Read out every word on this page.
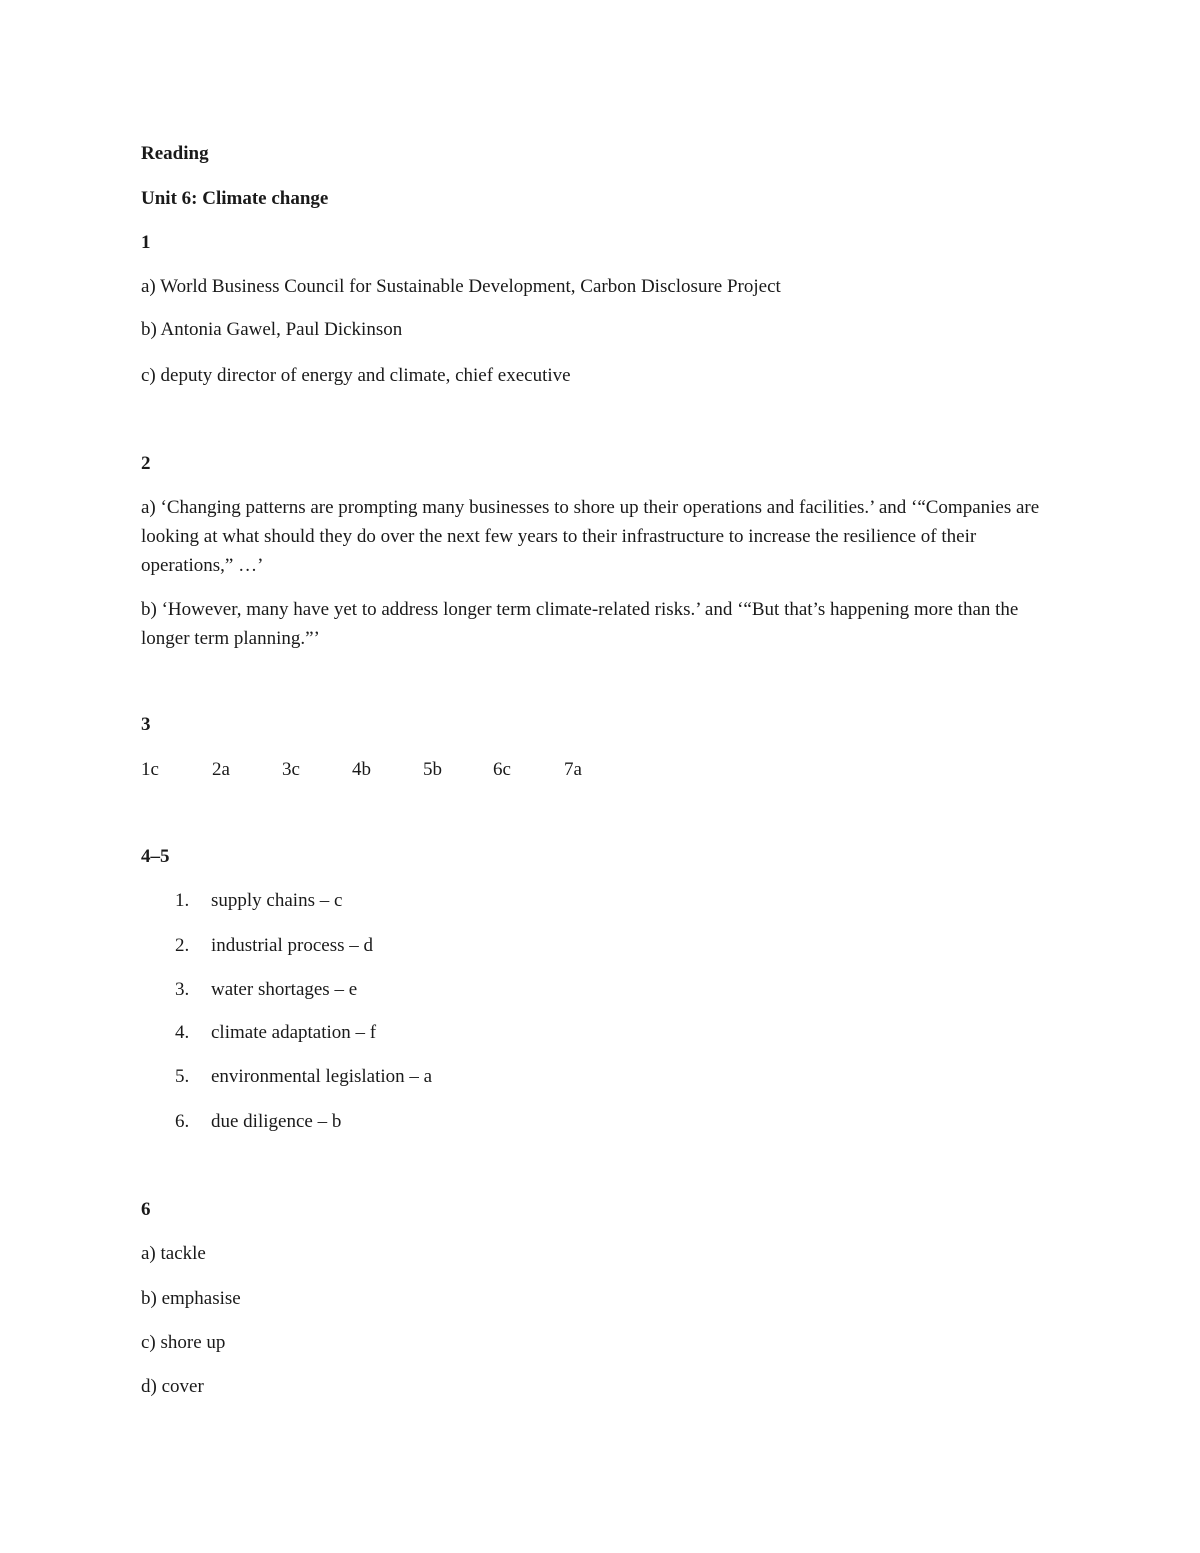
Reading
Unit 6: Climate change
1
a) World Business Council for Sustainable Development, Carbon Disclosure Project
b) Antonia Gawel, Paul Dickinson
c) deputy director of energy and climate, chief executive
2
a) ‘Changing patterns are prompting many businesses to shore up their operations and facilities.’ and ‘“Companies are looking at what should they do over the next few years to their infrastructure to increase the resilience of their operations,” …’
b) ‘However, many have yet to address longer term climate-related risks.’ and ‘“But that’s happening more than the longer term planning.”’
3
1c	2a	3c	4b	5b	6c	7a
4–5
1. supply chains – c
2. industrial process – d
3. water shortages – e
4. climate adaptation – f
5. environmental legislation – a
6. due diligence – b
6
a) tackle
b) emphasise
c) shore up
d) cover
